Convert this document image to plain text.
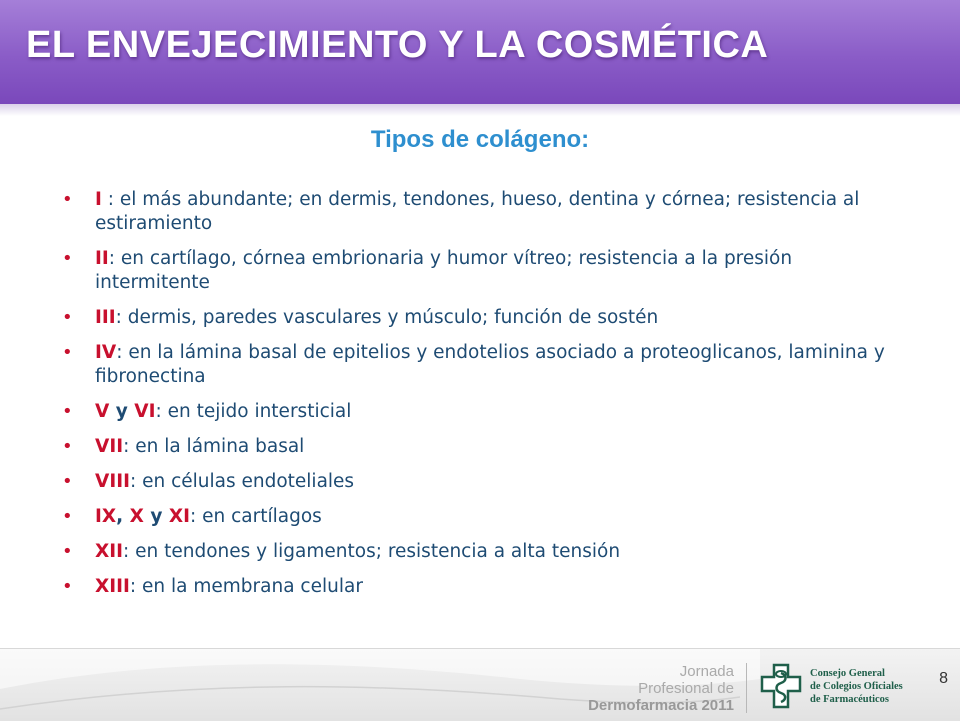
EL ENVEJECIMIENTO Y LA COSMÉTICA
Tipos de colágeno:
• I : el más abundante; en dermis, tendones, hueso, dentina y córnea; resistencia al estiramiento
• II: en cartílago, córnea embrionaria y humor vítreo; resistencia a la presión intermitente
• III: dermis, paredes vasculares y músculo; función de sostén
• IV: en la lámina basal de epitelios y endotelios asociado a proteoglicanos, laminina y fibronectina
• V y VI: en tejido intersticial
• VII: en la lámina basal
• VIII: en células endoteliales
• IX, X y XI: en cartílagos
• XII: en tendones y ligamentos; resistencia a alta tensión
• XIII: en la membrana celular
Jornada
Profesional de
Dermofarmacia 2011
Consejo General
de Colegios Oficiales
de Farmacéuticos
8
